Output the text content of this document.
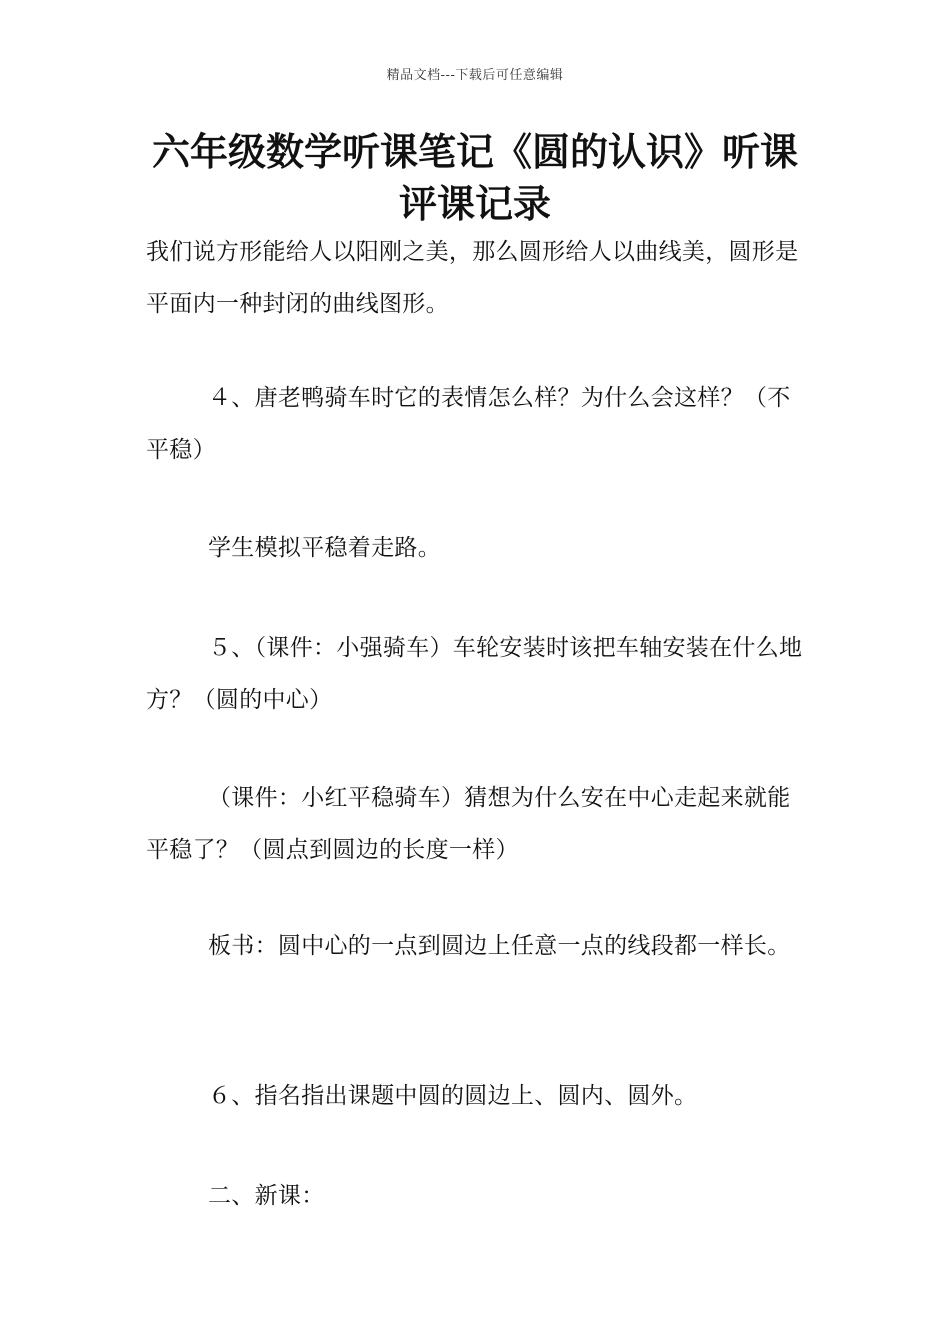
精品文档---下载后可任意编辑
六年级数学听课笔记《圆的认识》听课评课记录

我们说方形能给人以阳刚之美，那么圆形给人以曲线美，圆形是平面内一种封闭的曲线图形。

４、唐老鸭骑车时它的表情怎么样？为什么会这样？（不平稳）

学生模拟平稳着走路。

５、（课件：小强骑车）车轮安装时该把车轴安装在什么地方？（圆的中心）

（课件：小红平稳骑车）猜想为什么安在中心走起来就能平稳了？（圆点到圆边的长度一样）

板书：圆中心的一点到圆边上任意一点的线段都一样长。

６、指名指出课题中圆的圆边上、圆内、圆外。

二、新课：
